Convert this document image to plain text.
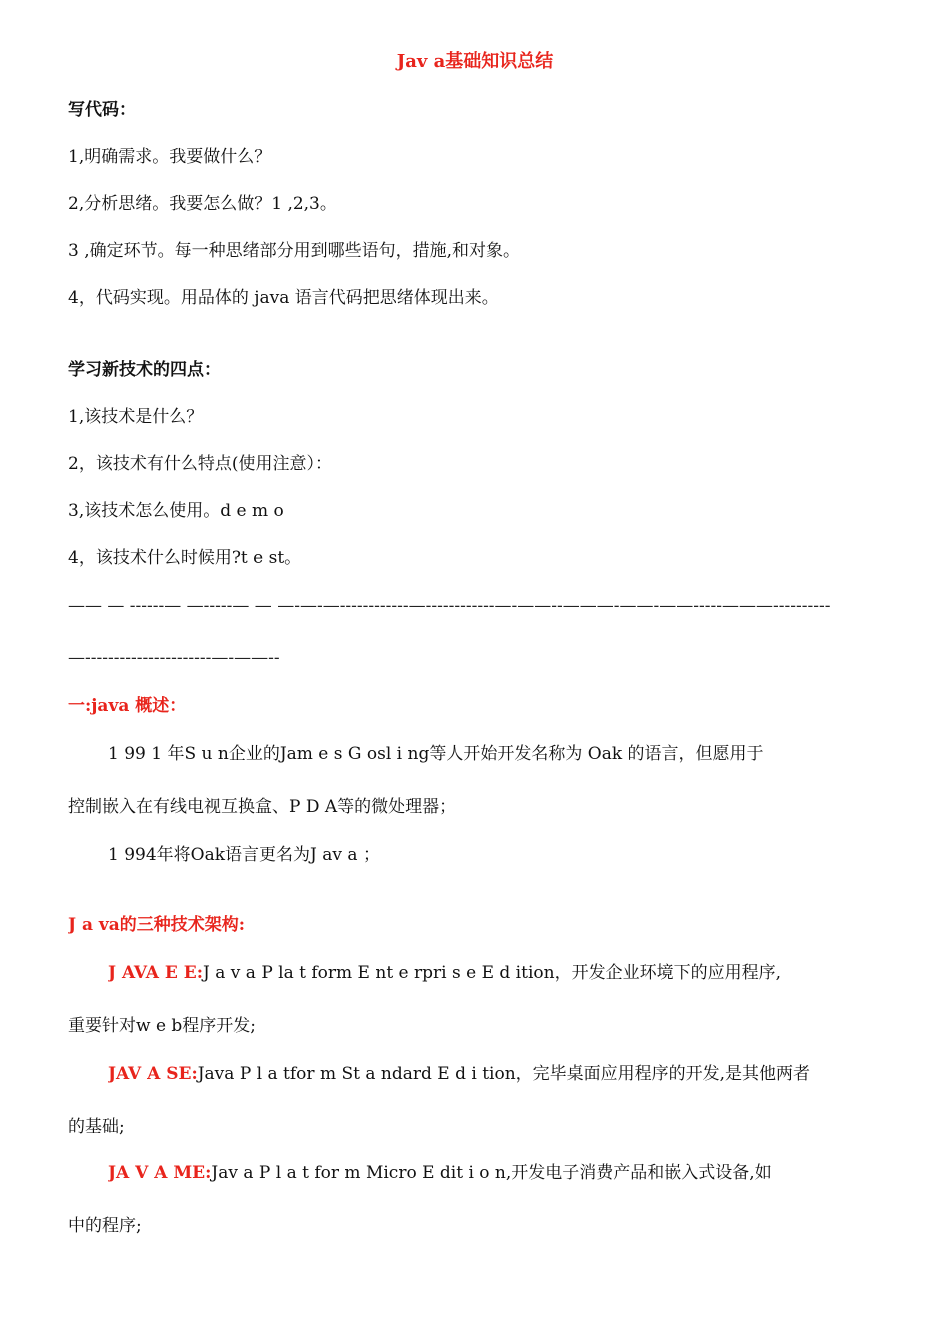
Jav a基础知识总结
写代码：
1,明确需求。我要做什么？
2,分析思绪。我要怎么做？1 ,2,3。
3 ,确定环节。每一种思绪部分用到哪些语句，措施,和对象。
4，代码实现。用品体的 java 语言代码把思绪体现出来。
学习新技术的四点：
1,该技术是什么？
2，该技术有什么特点(使用注意）：
3,该技术怎么使用。d e m o
4，该技术什么时候用?t e st。
—— — ------— —-----— — —-—-—------------—------------—-——--———-——-——-----———----------
—----------------------—-——--
一:java 概述：
1 99 1 年S u n企业的Jam e s G osl i ng等人开始开发名称为 Oak 的语言，但愿用于
控制嵌入在有线电视互换盒、P D A等的微处理器；
1 994年将Oak语言更名为J av a ；
J a va的三种技术架构:
J AVA E E:J a v a P la t form E nt e rpri s e E d ition，开发企业环境下的应用程序,
重要针对w e b程序开发;
JAV A SE:Java P l a tfor m St a ndard E d i tion，完毕桌面应用程序的开发,是其他两者
的基础;
JA V A ME:Jav a P l a t for m Micro E dit i o n,开发电子消费产品和嵌入式设备,如
中的程序;
